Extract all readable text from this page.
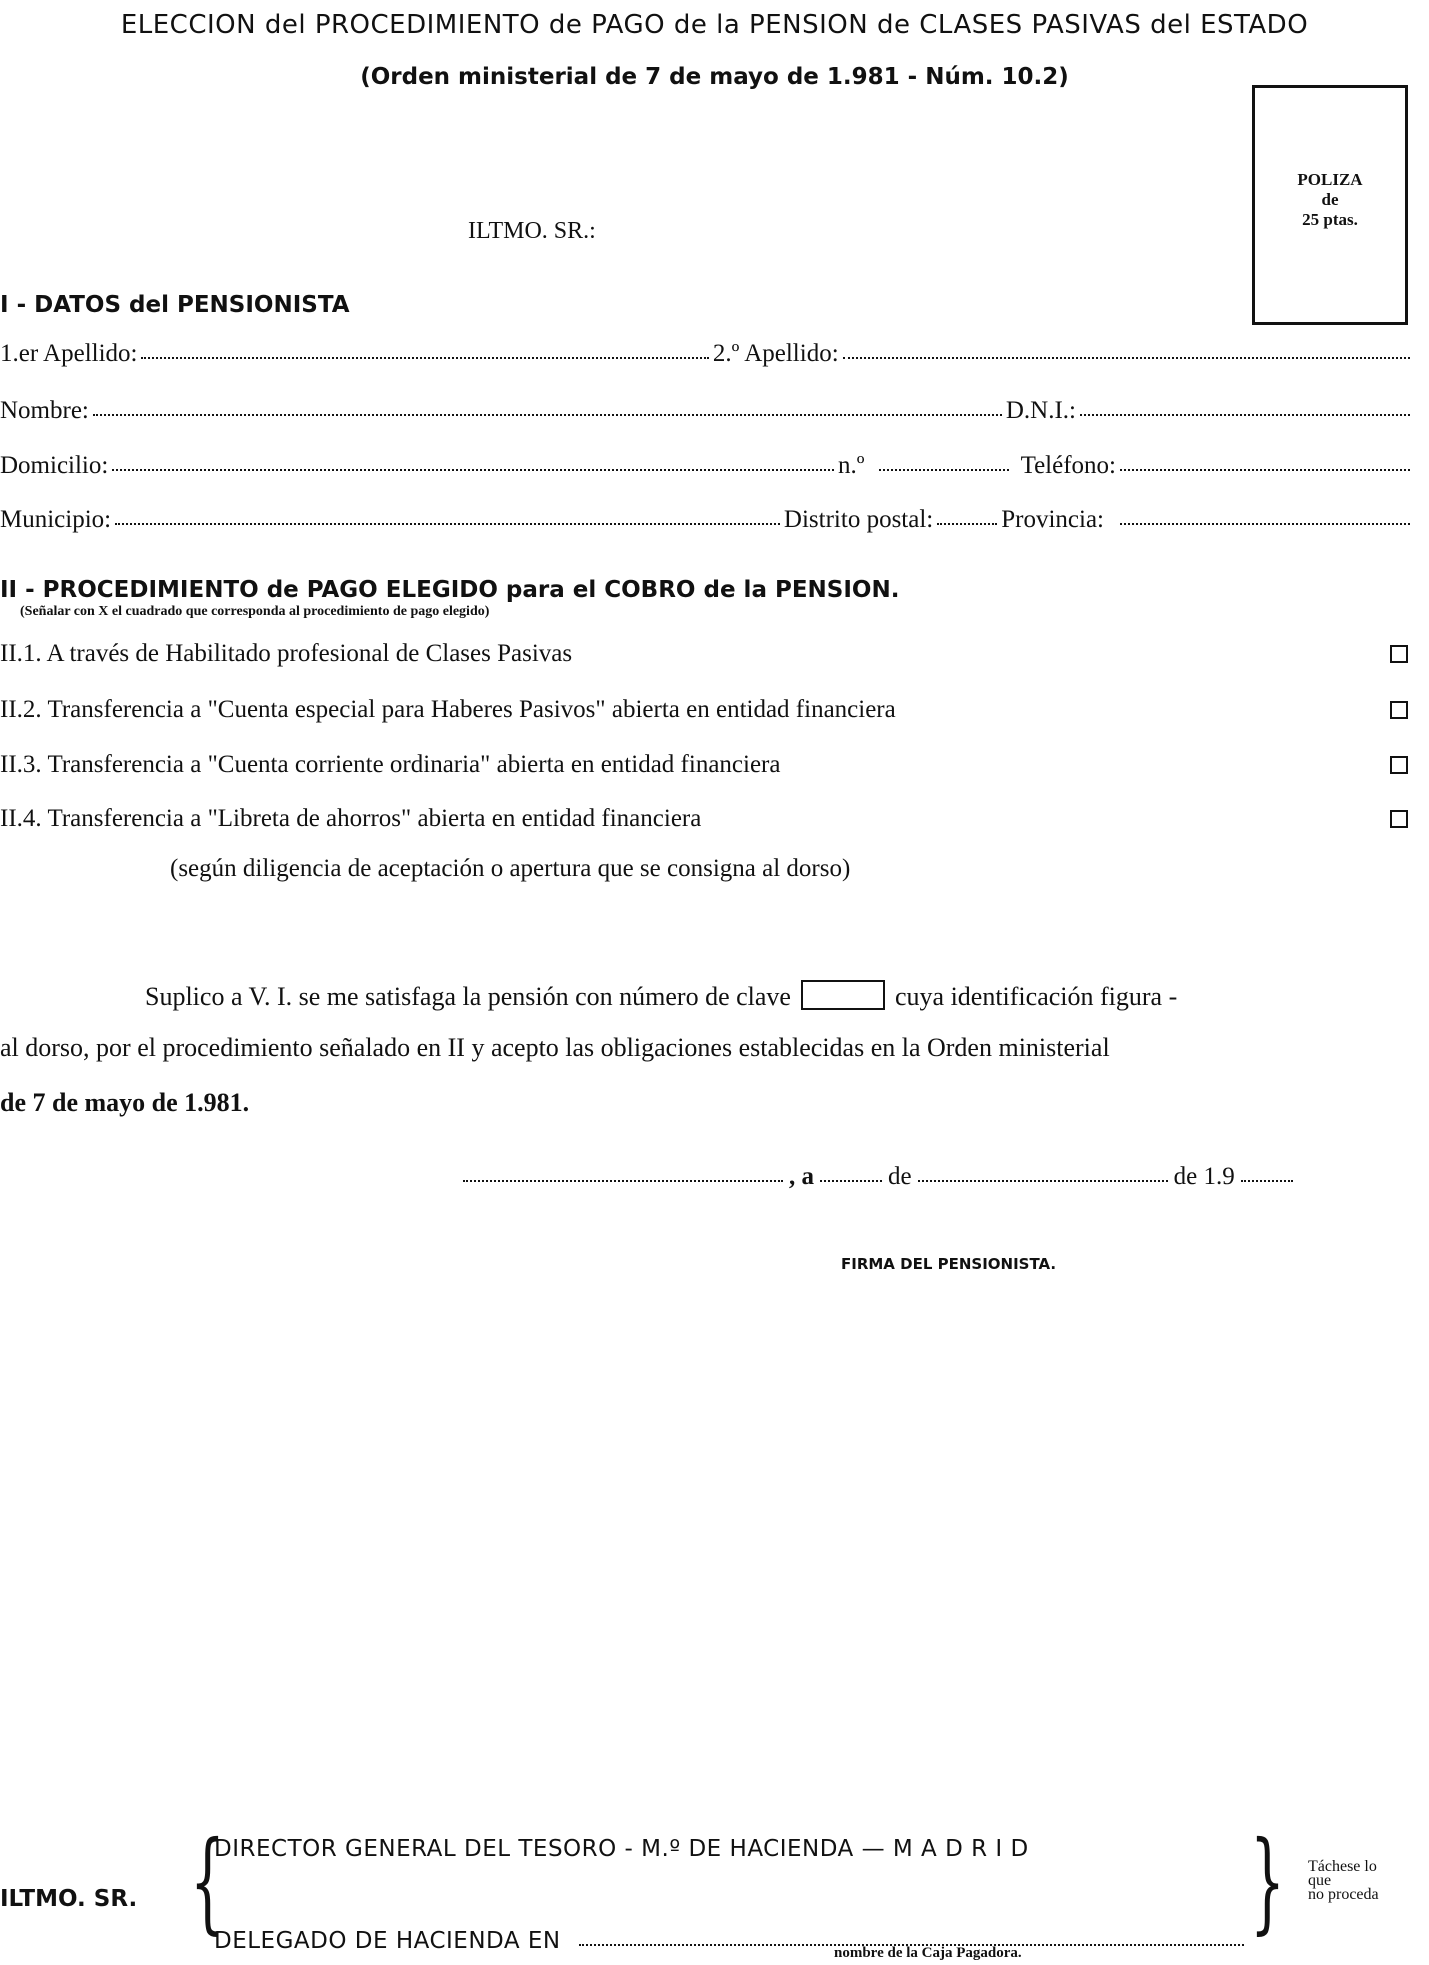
ELECCION del PROCEDIMIENTO de PAGO de la PENSION de CLASES PASIVAS del ESTADO
(Orden ministerial de 7 de mayo de 1.981 - Núm. 10.2)
POLIZA
de
25 ptas.
ILTMO. SR.:
I - DATOS del PENSIONISTA
1.er Apellido:	2.º Apellido:
Nombre:	D.N.I.:
Domicilio:	n.º	Teléfono:
Municipio:	Distrito postal:	Provincia:
II - PROCEDIMIENTO de PAGO ELEGIDO para el COBRO de la PENSION.
(Señalar con X el cuadrado que corresponda al procedimiento de pago elegido)
II.1. A través de Habilitado profesional de Clases Pasivas
II.2. Transferencia a "Cuenta especial para Haberes Pasivos" abierta en entidad financiera
II.3. Transferencia a "Cuenta corriente ordinaria" abierta en entidad financiera
II.4. Transferencia a "Libreta de ahorros" abierta en entidad financiera
(según diligencia de aceptación o apertura que se consigna al dorso)
Suplico a V. I. se me satisfaga la pensión con número de clave	cuya identificación figura -
al dorso, por el procedimiento señalado en II y acepto las obligaciones establecidas en la Orden ministerial
de 7 de mayo de 1.981.
, a	de	de 1.9
FIRMA DEL PENSIONISTA.
ILTMO. SR. {
DIRECTOR GENERAL DEL TESORO - M.º DE HACIENDA — M A D R I D
DELEGADO DE HACIENDA EN	} Táchese lo
que
no proceda
nombre de la Caja Pagadora.
